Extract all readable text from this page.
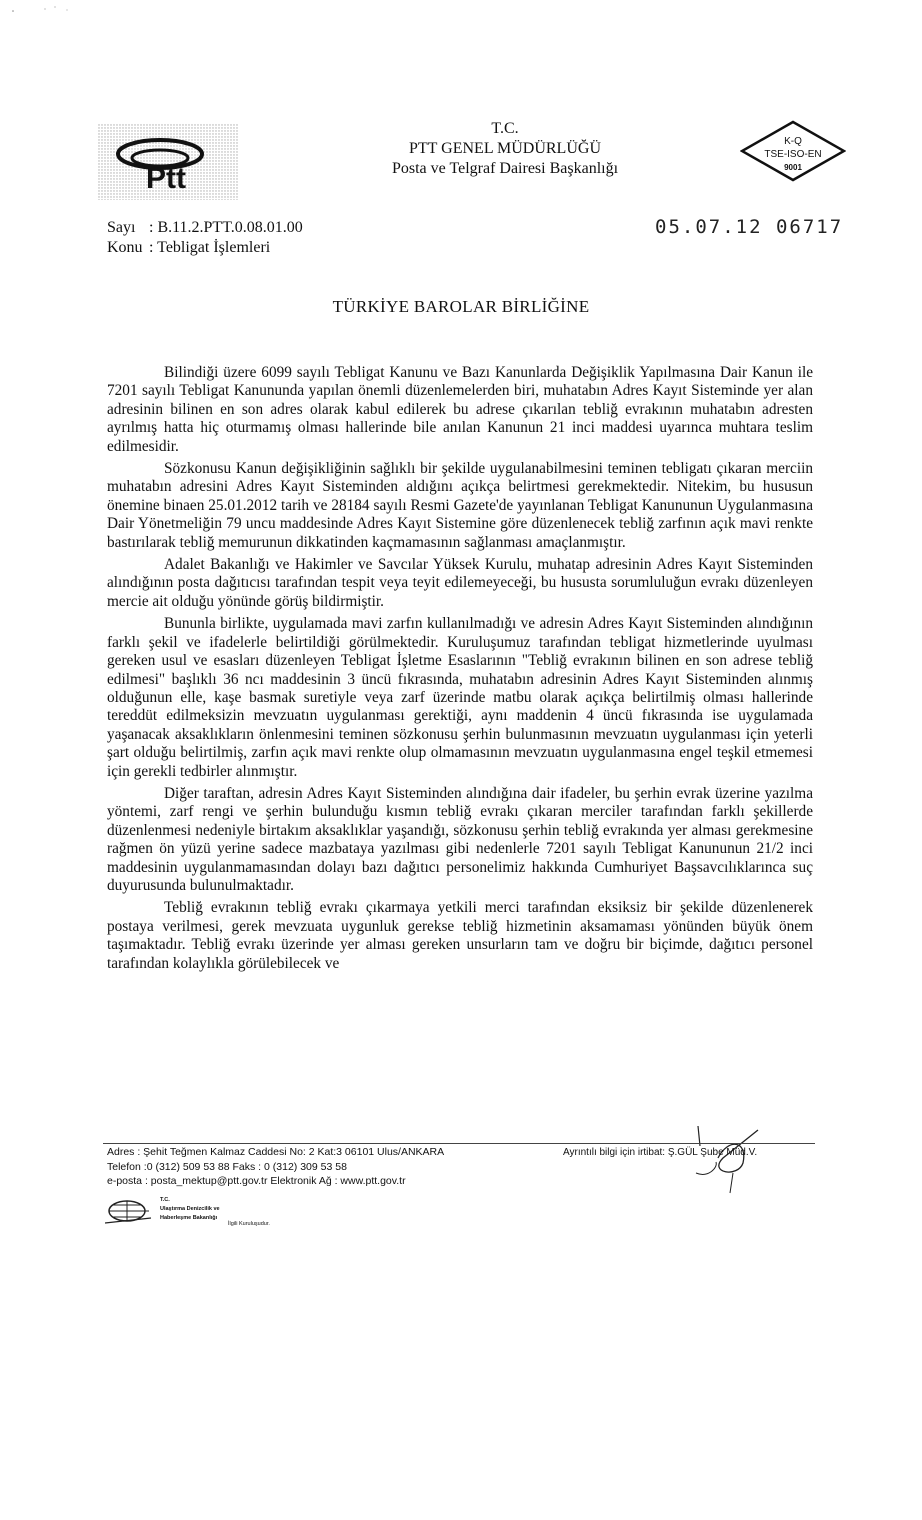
Ptt
T.C.
PTT GENEL MÜDÜRLÜĞÜ
Posta ve Telgraf Dairesi Başkanlığı
K-Q
TSE-ISO-EN
9001
Sayı : B.11.2.PTT.0.08.01.00
Konu : Tebligat İşlemleri
05.07.12 06717
TÜRKİYE BAROLAR BİRLİĞİNE

Bilindiği üzere 6099 sayılı Tebligat Kanunu ve Bazı Kanunlarda Değişiklik Yapılmasına Dair Kanun ile 7201 sayılı Tebligat Kanununda yapılan önemli düzenlemelerden biri, muhatabın Adres Kayıt Sisteminde yer alan adresinin bilinen en son adres olarak kabul edilerek bu adrese çıkarılan tebliğ evrakının muhatabın adresten ayrılmış hatta hiç oturmamış olması hallerinde bile anılan Kanunun 21 inci maddesi uyarınca muhtara teslim edilmesidir.

Sözkonusu Kanun değişikliğinin sağlıklı bir şekilde uygulanabilmesini teminen tebligatı çıkaran merciin muhatabın adresini Adres Kayıt Sisteminden aldığını açıkça belirtmesi gerekmektedir. Nitekim, bu hususun önemine binaen 25.01.2012 tarih ve 28184 sayılı Resmi Gazete'de yayınlanan Tebligat Kanununun Uygulanmasına Dair Yönetmeliğin 79 uncu maddesinde Adres Kayıt Sistemine göre düzenlenecek tebliğ zarfının açık mavi renkte bastırılarak tebliğ memurunun dikkatinden kaçmamasının sağlanması amaçlanmıştır.

Adalet Bakanlığı ve Hakimler ve Savcılar Yüksek Kurulu, muhatap adresinin Adres Kayıt Sisteminden alındığının posta dağıtıcısı tarafından tespit veya teyit edilemeyeceği, bu hususta sorumluluğun evrakı düzenleyen mercie ait olduğu yönünde görüş bildirmiştir.

Bununla birlikte, uygulamada mavi zarfın kullanılmadığı ve adresin Adres Kayıt Sisteminden alındığının farklı şekil ve ifadelerle belirtildiği görülmektedir. Kuruluşumuz tarafından tebligat hizmetlerinde uyulması gereken usul ve esasları düzenleyen Tebligat İşletme Esaslarının "Tebliğ evrakının bilinen en son adrese tebliğ edilmesi" başlıklı 36 ncı maddesinin 3 üncü fıkrasında, muhatabın adresinin Adres Kayıt Sisteminden alınmış olduğunun elle, kaşe basmak suretiyle veya zarf üzerinde matbu olarak açıkça belirtilmiş olması hallerinde tereddüt edilmeksizin mevzuatın uygulanması gerektiği, aynı maddenin 4 üncü fıkrasında ise uygulamada yaşanacak aksaklıkların önlenmesini teminen sözkonusu şerhin bulunmasının mevzuatın uygulanması için yeterli şart olduğu belirtilmiş, zarfın açık mavi renkte olup olmamasının mevzuatın uygulanmasına engel teşkil etmemesi için gerekli tedbirler alınmıştır.

Diğer taraftan, adresin Adres Kayıt Sisteminden alındığına dair ifadeler, bu şerhin evrak üzerine yazılma yöntemi, zarf rengi ve şerhin bulunduğu kısmın tebliğ evrakı çıkaran merciler tarafından farklı şekillerde düzenlenmesi nedeniyle birtakım aksaklıklar yaşandığı, sözkonusu şerhin tebliğ evrakında yer alması gerekmesine rağmen ön yüzü yerine sadece mazbataya yazılması gibi nedenlerle 7201 sayılı Tebligat Kanununun 21/2 inci maddesinin uygulanmamasından dolayı bazı dağıtıcı personelimiz hakkında Cumhuriyet Başsavcılıklarınca suç duyurusunda bulunulmaktadır.

Tebliğ evrakının tebliğ evrakı çıkarmaya yetkili merci tarafından eksiksiz bir şekilde düzenlenerek postaya verilmesi, gerek mevzuata uygunluk gerekse tebliğ hizmetinin aksamaması yönünden büyük önem taşımaktadır. Tebliğ evrakı üzerinde yer alması gereken unsurların tam ve doğru bir biçimde, dağıtıcı personel tarafından kolaylıkla görülebilecek ve

Adres : Şehit Teğmen Kalmaz Caddesi No: 2 Kat:3 06101 Ulus/ANKARA
Telefon :0 (312) 509 53 88 Faks : 0 (312) 309 53 58
e-posta : posta_mektup@ptt.gov.tr Elektronik Ağ : www.ptt.gov.tr
Ayrıntılı bilgi için irtibat: Ş.GÜL Şube Müd.V.
T.C.
Ulaştırma Denizcilik ve
Haberleşme Bakanlığı
İlgili Kuruluşudur.
